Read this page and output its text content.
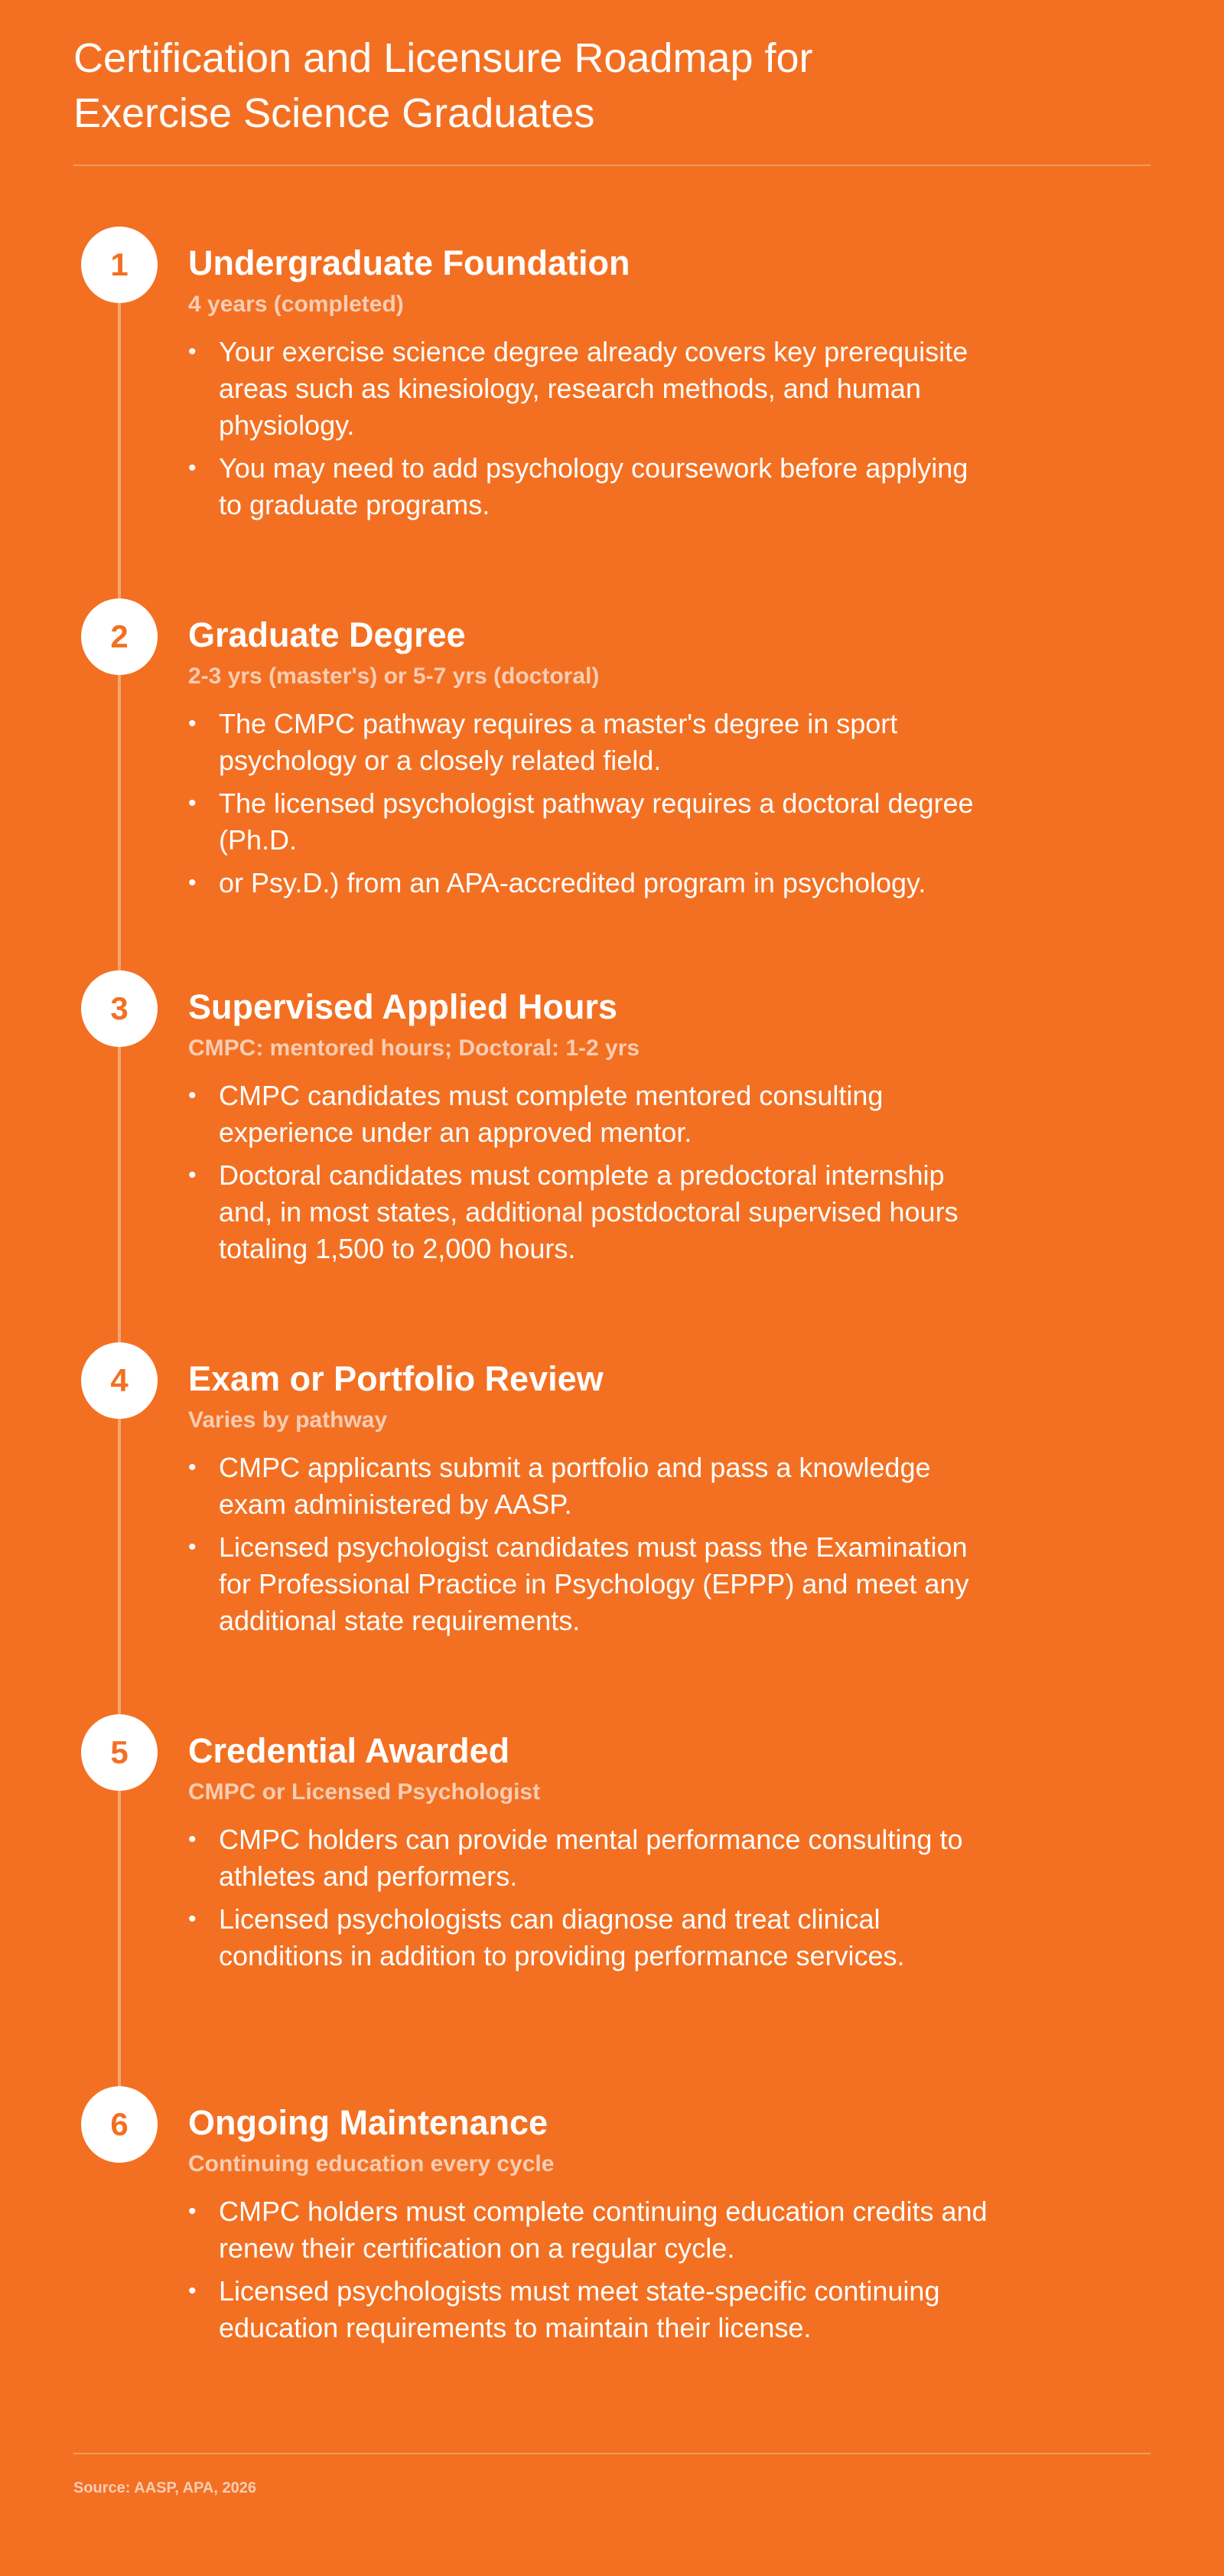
Certification and Licensure Roadmap for
Exercise Science Graduates
1	Undergraduate Foundation
4 years (completed)
• Your exercise science degree already covers key prerequisite areas such as kinesiology, research methods, and human physiology.
• You may need to add psychology coursework before applying to graduate programs.
2	Graduate Degree
2-3 yrs (master's) or 5-7 yrs (doctoral)
• The CMPC pathway requires a master's degree in sport psychology or a closely related field.
• The licensed psychologist pathway requires a doctoral degree (Ph.D.
• or Psy.D.) from an APA-accredited program in psychology.
3	Supervised Applied Hours
CMPC: mentored hours; Doctoral: 1-2 yrs
• CMPC candidates must complete mentored consulting experience under an approved mentor.
• Doctoral candidates must complete a predoctoral internship and, in most states, additional postdoctoral supervised hours totaling 1,500 to 2,000 hours.
4	Exam or Portfolio Review
Varies by pathway
• CMPC applicants submit a portfolio and pass a knowledge exam administered by AASP.
• Licensed psychologist candidates must pass the Examination for Professional Practice in Psychology (EPPP) and meet any additional state requirements.
5	Credential Awarded
CMPC or Licensed Psychologist
• CMPC holders can provide mental performance consulting to athletes and performers.
• Licensed psychologists can diagnose and treat clinical conditions in addition to providing performance services.
6	Ongoing Maintenance
Continuing education every cycle
• CMPC holders must complete continuing education credits and renew their certification on a regular cycle.
• Licensed psychologists must meet state-specific continuing education requirements to maintain their license.
Source: AASP, APA, 2026
